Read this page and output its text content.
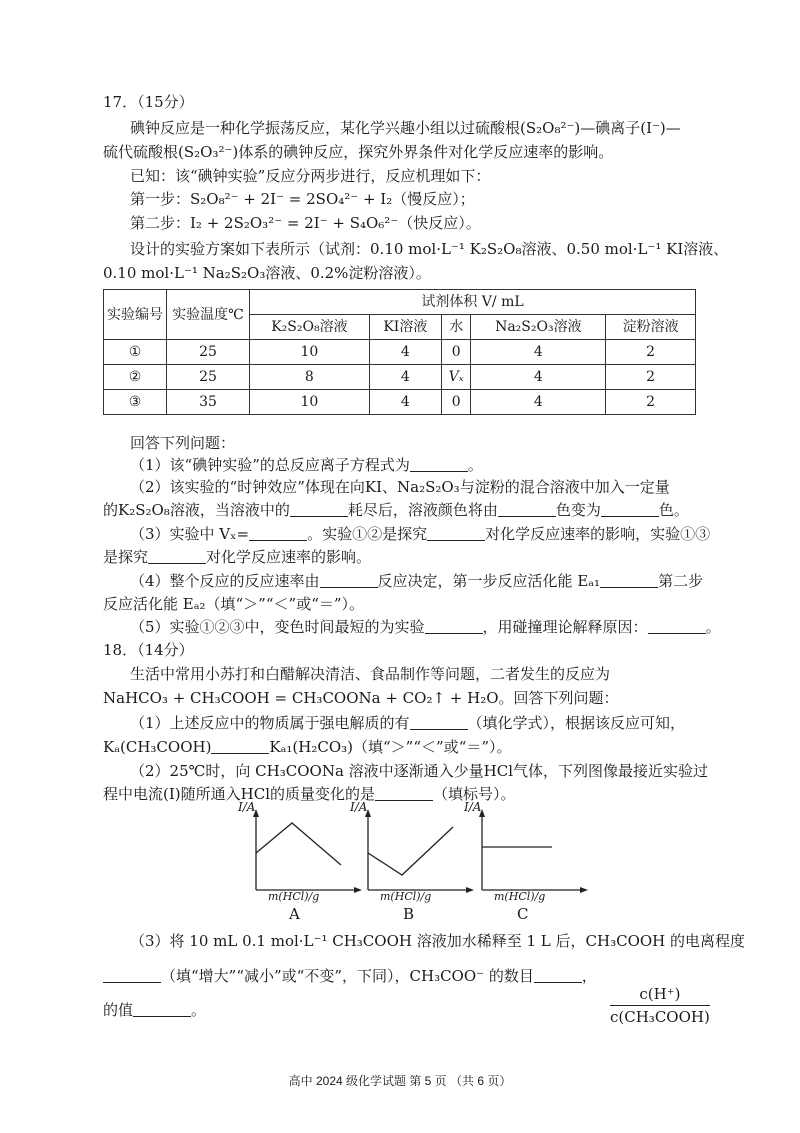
17．（15分）
碘钟反应是一种化学振荡反应，某化学兴趣小组以过硫酸根(S₂O₈²⁻)—碘离子(I⁻)—
硫代硫酸根(S₂O₃²⁻)体系的碘钟反应，探究外界条件对化学反应速率的影响。
已知：该“碘钟实验”反应分两步进行，反应机理如下：
第一步：S₂O₈²⁻ + 2I⁻ = 2SO₄²⁻ + I₂（慢反应）；
第二步：I₂ + 2S₂O₃²⁻ = 2I⁻ + S₄O₆²⁻（快反应）。
设计的实验方案如下表所示（试剂：0.10 mol·L⁻¹ K₂S₂O₈溶液、0.50 mol·L⁻¹ KI溶液、
0.10 mol·L⁻¹ Na₂S₂O₃溶液、0.2%淀粉溶液）。
实验编号	实验温度℃	试剂体积 V/ mL				
		K₂S₂O₈溶液	KI溶液	水	Na₂S₂O₃溶液	淀粉溶液
①	25	10	4	0	4	2
②	25	8	4	Vₓ	4	2
③	35	10	4	0	4	2
回答下列问题：
（1）该“碘钟实验”的总反应离子方程式为	。
（2）该实验的“时钟效应”体现在向KI、Na₂S₂O₃与淀粉的混合溶液中加入一定量
的K₂S₂O₈溶液，当溶液中的	耗尽后，溶液颜色将由	色变为	色。
（3）实验中 Vₓ=	。实验①②是探究	对化学反应速率的影响，实验①③
是探究	对化学反应速率的影响。
（4）整个反应的反应速率由	反应决定，第一步反应活化能 Eₐ₁	第二步
反应活化能 Eₐ₂（填“＞”“＜”或“＝”）。
（5）实验①②③中，变色时间最短的为实验	，用碰撞理论解释原因：	。
18．（14分）
生活中常用小苏打和白醋解决清洁、食品制作等问题，二者发生的反应为
NaHCO₃ + CH₃COOH = CH₃COONa + CO₂↑ + H₂O。回答下列问题：
（1）上述反应中的物质属于强电解质的有	（填化学式），根据该反应可知，
Kₐ(CH₃COOH)	Kₐ₁(H₂CO₃)（填“＞”“＜”或“＝”）。
（2）25℃时，向 CH₃COONa 溶液中逐渐通入少量HCl气体，下列图像最接近实验过
程中电流(I)随所通入HCl的质量变化的是	（填标号）。
I/A
m(HCl)/g
A
I/A
m(HCl)/g
B
I/A
m(HCl)/g
C
（3）将 10 mL 0.1 mol·L⁻¹ CH₃COOH 溶液加水稀释至 1 L 后，CH₃COOH 的电离程度
（填“增大”“减小”或“不变”，下同），CH₃COO⁻ 的数目	，
c(H⁺)
c(CH₃COOH)
的值	。
高中 2024 级化学试题 第 5 页 （共 6 页）
